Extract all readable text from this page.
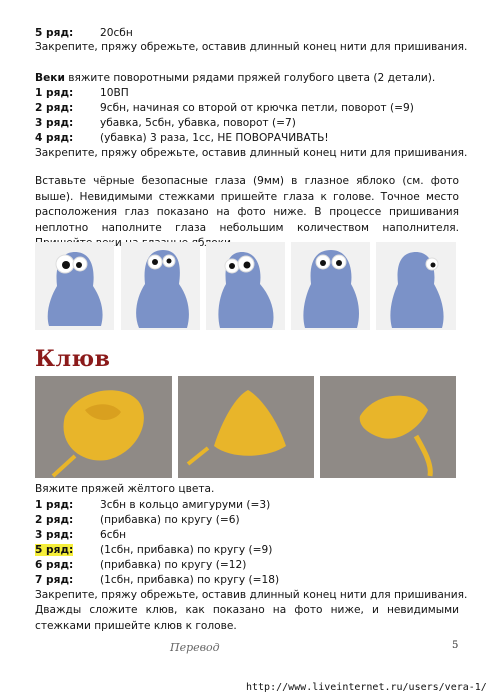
5 ряд:	20сбн
Закрепите, пряжу обрежьте, оставив длинный конец нити для пришивания.
Веки вяжите поворотными рядами пряжей голубого цвета (2 детали).
1 ряд:	10ВП
2 ряд:	9сбн, начиная со второй от крючка петли, поворот (=9)
3 ряд:	убавка, 5сбн, убавка, поворот (=7)
4 ряд:	(убавка) 3 раза, 1сс, НЕ ПОВОРАЧИВАТЬ!
Закрепите, пряжу обрежьте, оставив длинный конец нити для пришивания.
Вставьте чёрные безопасные глаза (9мм) в глазное яблоко (см. фото выше). Невидимыми стежками пришейте глаза к голове. Точное место расположения глаз показано на фото ниже. В процессе пришивания неплотно наполните глаза небольшим количеством наполнителя.
Клюв
Вяжите пряжей жёлтого цвета.
1 ряд:	3сбн в кольцо амигуруми (=3)
2 ряд:	(прибавка) по кругу (=6)
3 ряд:	6сбн
5 ряд:	(1сбн, прибавка) по кругу (=9)
6 ряд:	(прибавка) по кругу (=12)
7 ряд:	(1сбн, прибавка) по кругу (=18)
Закрепите, пряжу обрежьте, оставив длинный конец нити для пришивания.
Дважды сложите клюв, как показано на фото ниже, и невидимыми стежками пришейте клюв к голове.
Перевод	5
http://www.liveinternet.ru/users/vera-1/
